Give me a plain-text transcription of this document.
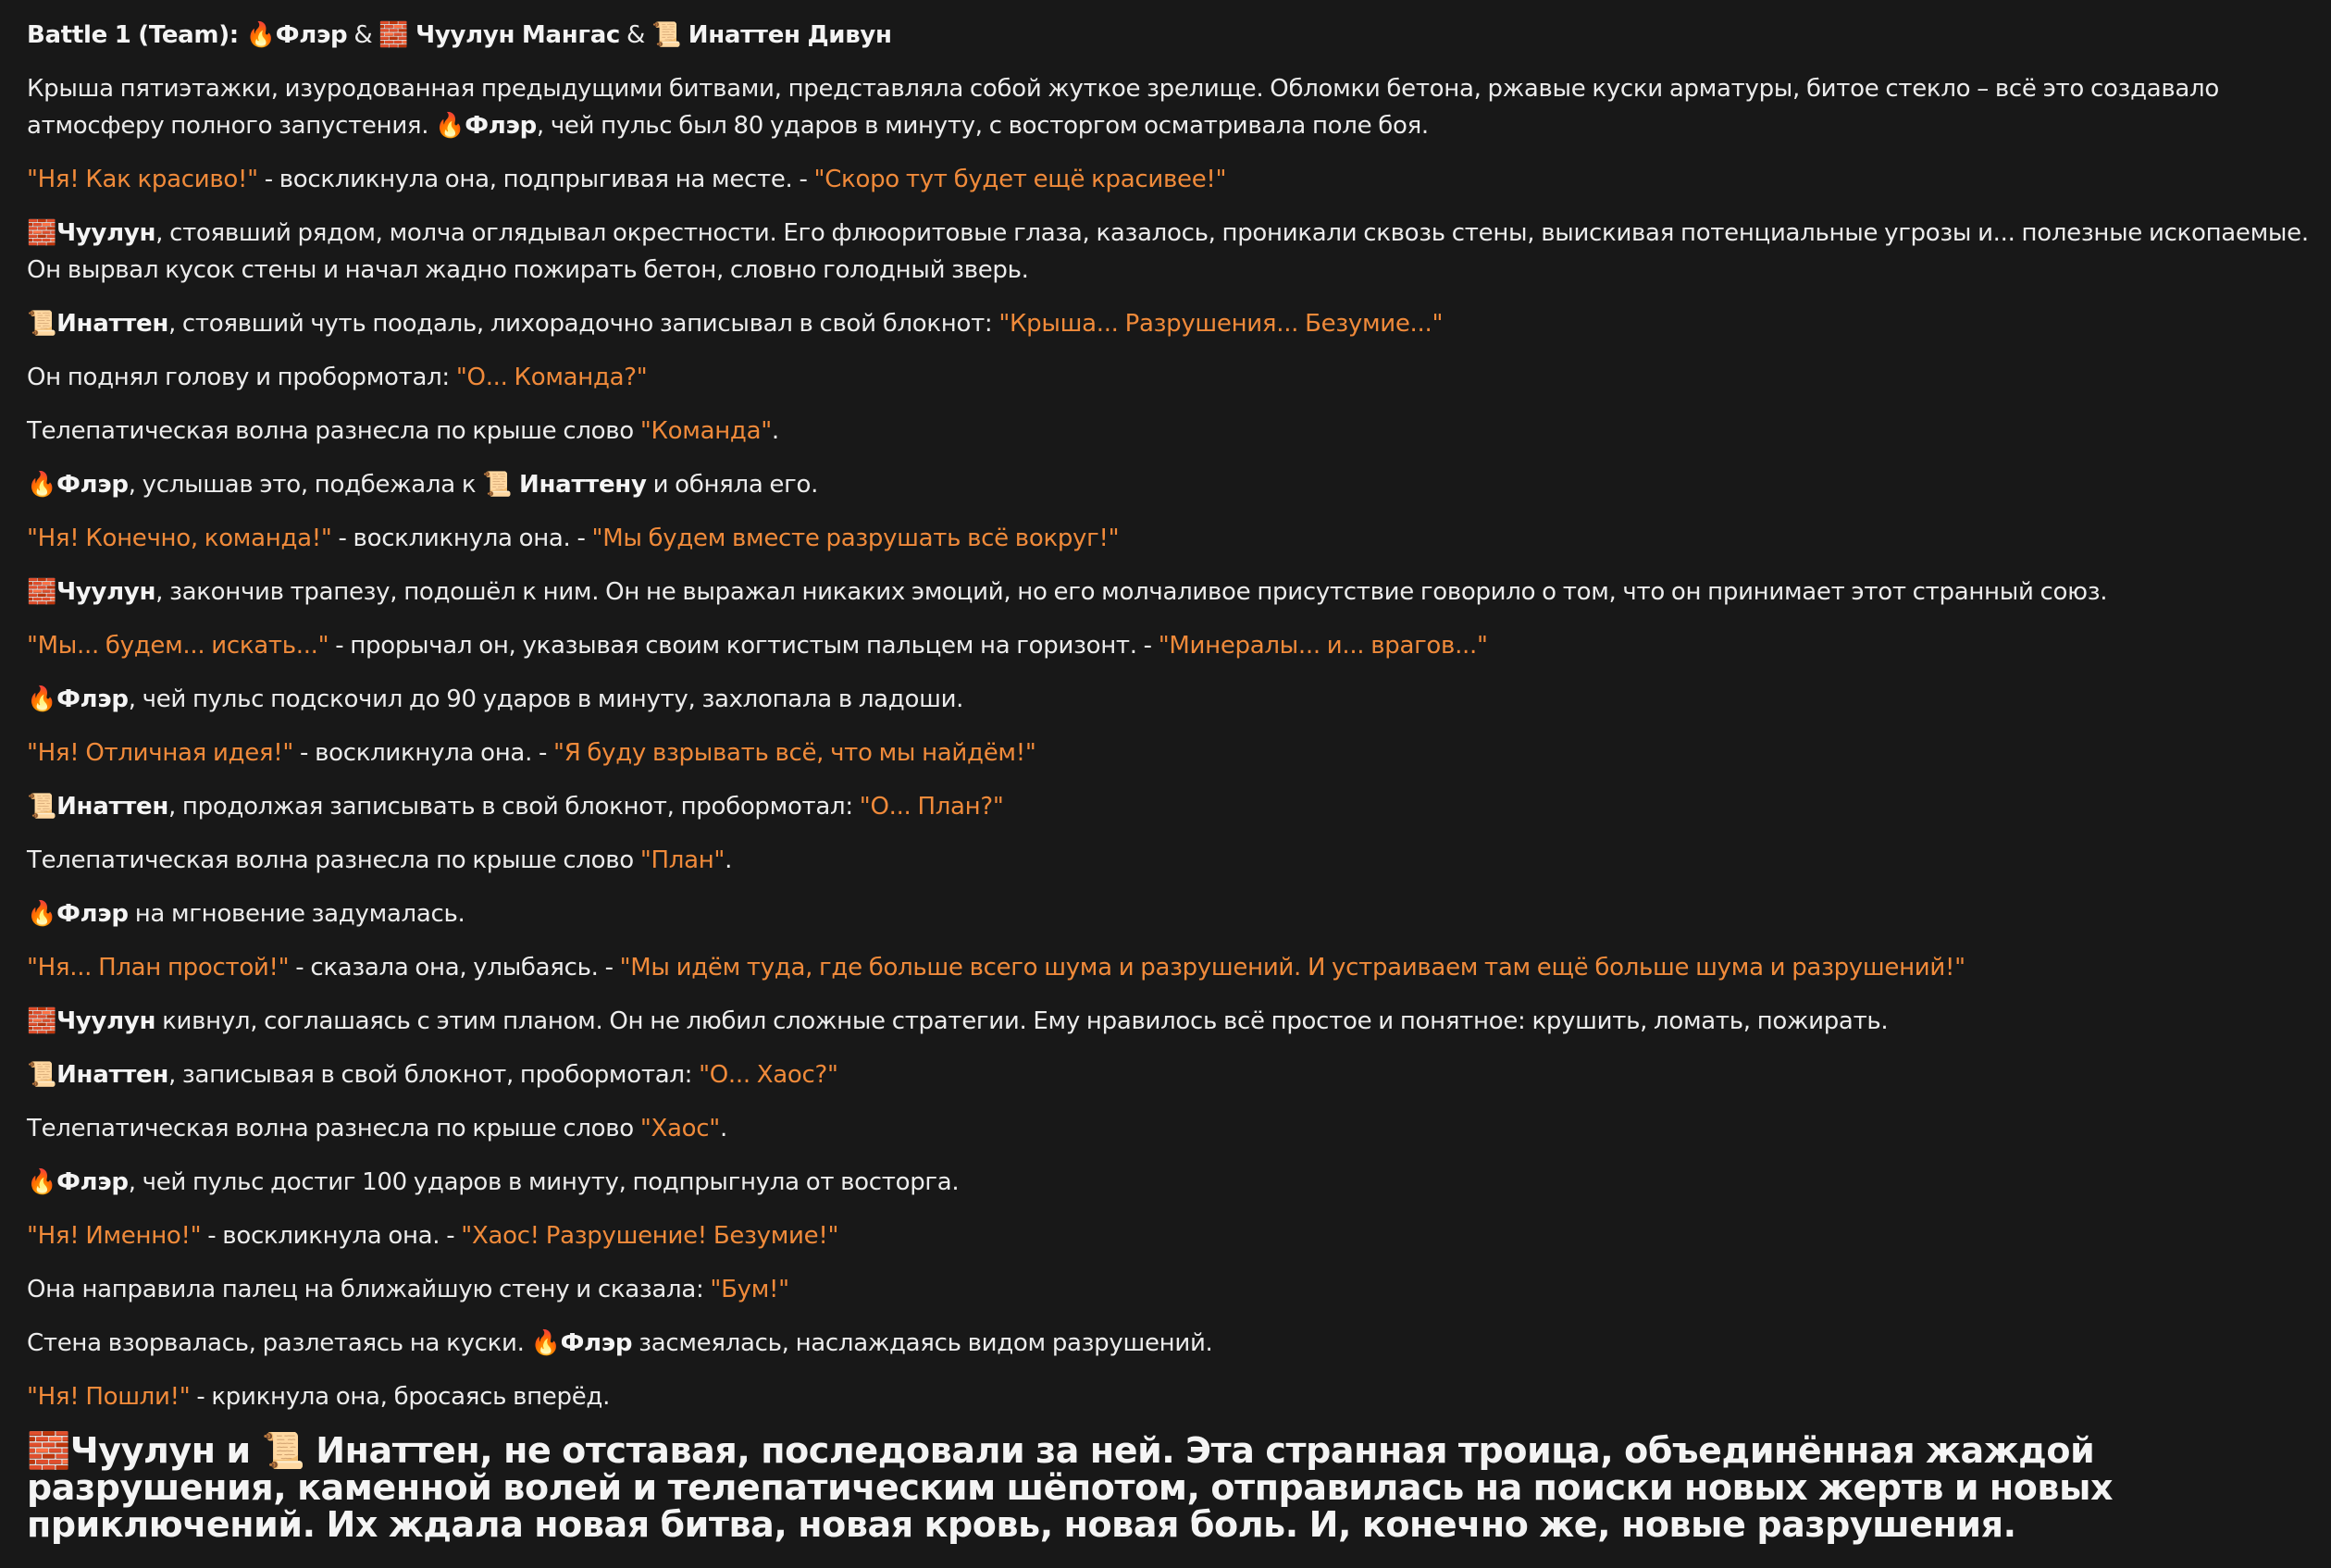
Battle 1 (Team): 🔥Флэр & 🧱 Чуулун Мангас & 📜 Инаттен Дивун
Крыша пятиэтажки, изуродованная предыдущими битвами, представляла собой жуткое зрелище. Обломки бетона, ржавые куски арматуры, битое стекло – всё это создавало атмосферу полного запустения. 🔥Флэр, чей пульс был 80 ударов в минуту, с восторгом осматривала поле боя.
"Ня! Как красиво!" - воскликнула она, подпрыгивая на месте. - "Скоро тут будет ещё красивее!"
🧱Чуулун, стоявший рядом, молча оглядывал окрестности. Его флюоритовые глаза, казалось, проникали сквозь стены, выискивая потенциальные угрозы и... полезные ископаемые. Он вырвал кусок стены и начал жадно пожирать бетон, словно голодный зверь.
📜Инаттен, стоявший чуть поодаль, лихорадочно записывал в свой блокнот: "Крыша... Разрушения... Безумие..."
Он поднял голову и пробормотал: "О... Команда?"
Телепатическая волна разнесла по крыше слово "Команда".
🔥Флэр, услышав это, подбежала к 📜 Инаттену и обняла его.
"Ня! Конечно, команда!" - воскликнула она. - "Мы будем вместе разрушать всё вокруг!"
🧱Чуулун, закончив трапезу, подошёл к ним. Он не выражал никаких эмоций, но его молчаливое присутствие говорило о том, что он принимает этот странный союз.
"Мы... будем... искать..." - прорычал он, указывая своим когтистым пальцем на горизонт. - "Минералы... и... врагов..."
🔥Флэр, чей пульс подскочил до 90 ударов в минуту, захлопала в ладоши.
"Ня! Отличная идея!" - воскликнула она. - "Я буду взрывать всё, что мы найдём!"
📜Инаттен, продолжая записывать в свой блокнот, пробормотал: "О... План?"
Телепатическая волна разнесла по крыше слово "План".
🔥Флэр на мгновение задумалась.
"Ня... План простой!" - сказала она, улыбаясь. - "Мы идём туда, где больше всего шума и разрушений. И устраиваем там ещё больше шума и разрушений!"
🧱Чуулун кивнул, соглашаясь с этим планом. Он не любил сложные стратегии. Ему нравилось всё простое и понятное: крушить, ломать, пожирать.
📜Инаттен, записывая в свой блокнот, пробормотал: "О... Хаос?"
Телепатическая волна разнесла по крыше слово "Хаос".
🔥Флэр, чей пульс достиг 100 ударов в минуту, подпрыгнула от восторга.
"Ня! Именно!" - воскликнула она. - "Хаос! Разрушение! Безумие!"
Она направила палец на ближайшую стену и сказала: "Бум!"
Стена взорвалась, разлетаясь на куски. 🔥Флэр засмеялась, наслаждаясь видом разрушений.
"Ня! Пошли!" - крикнула она, бросаясь вперёд.
🧱Чуулун и 📜 Инаттен, не отставая, последовали за ней. Эта странная троица, объединённая жаждой разрушения, каменной волей и телепатическим шёпотом, отправилась на поиски новых жертв и новых приключений. Их ждала новая битва, новая кровь, новая боль. И, конечно же, новые разрушения.
